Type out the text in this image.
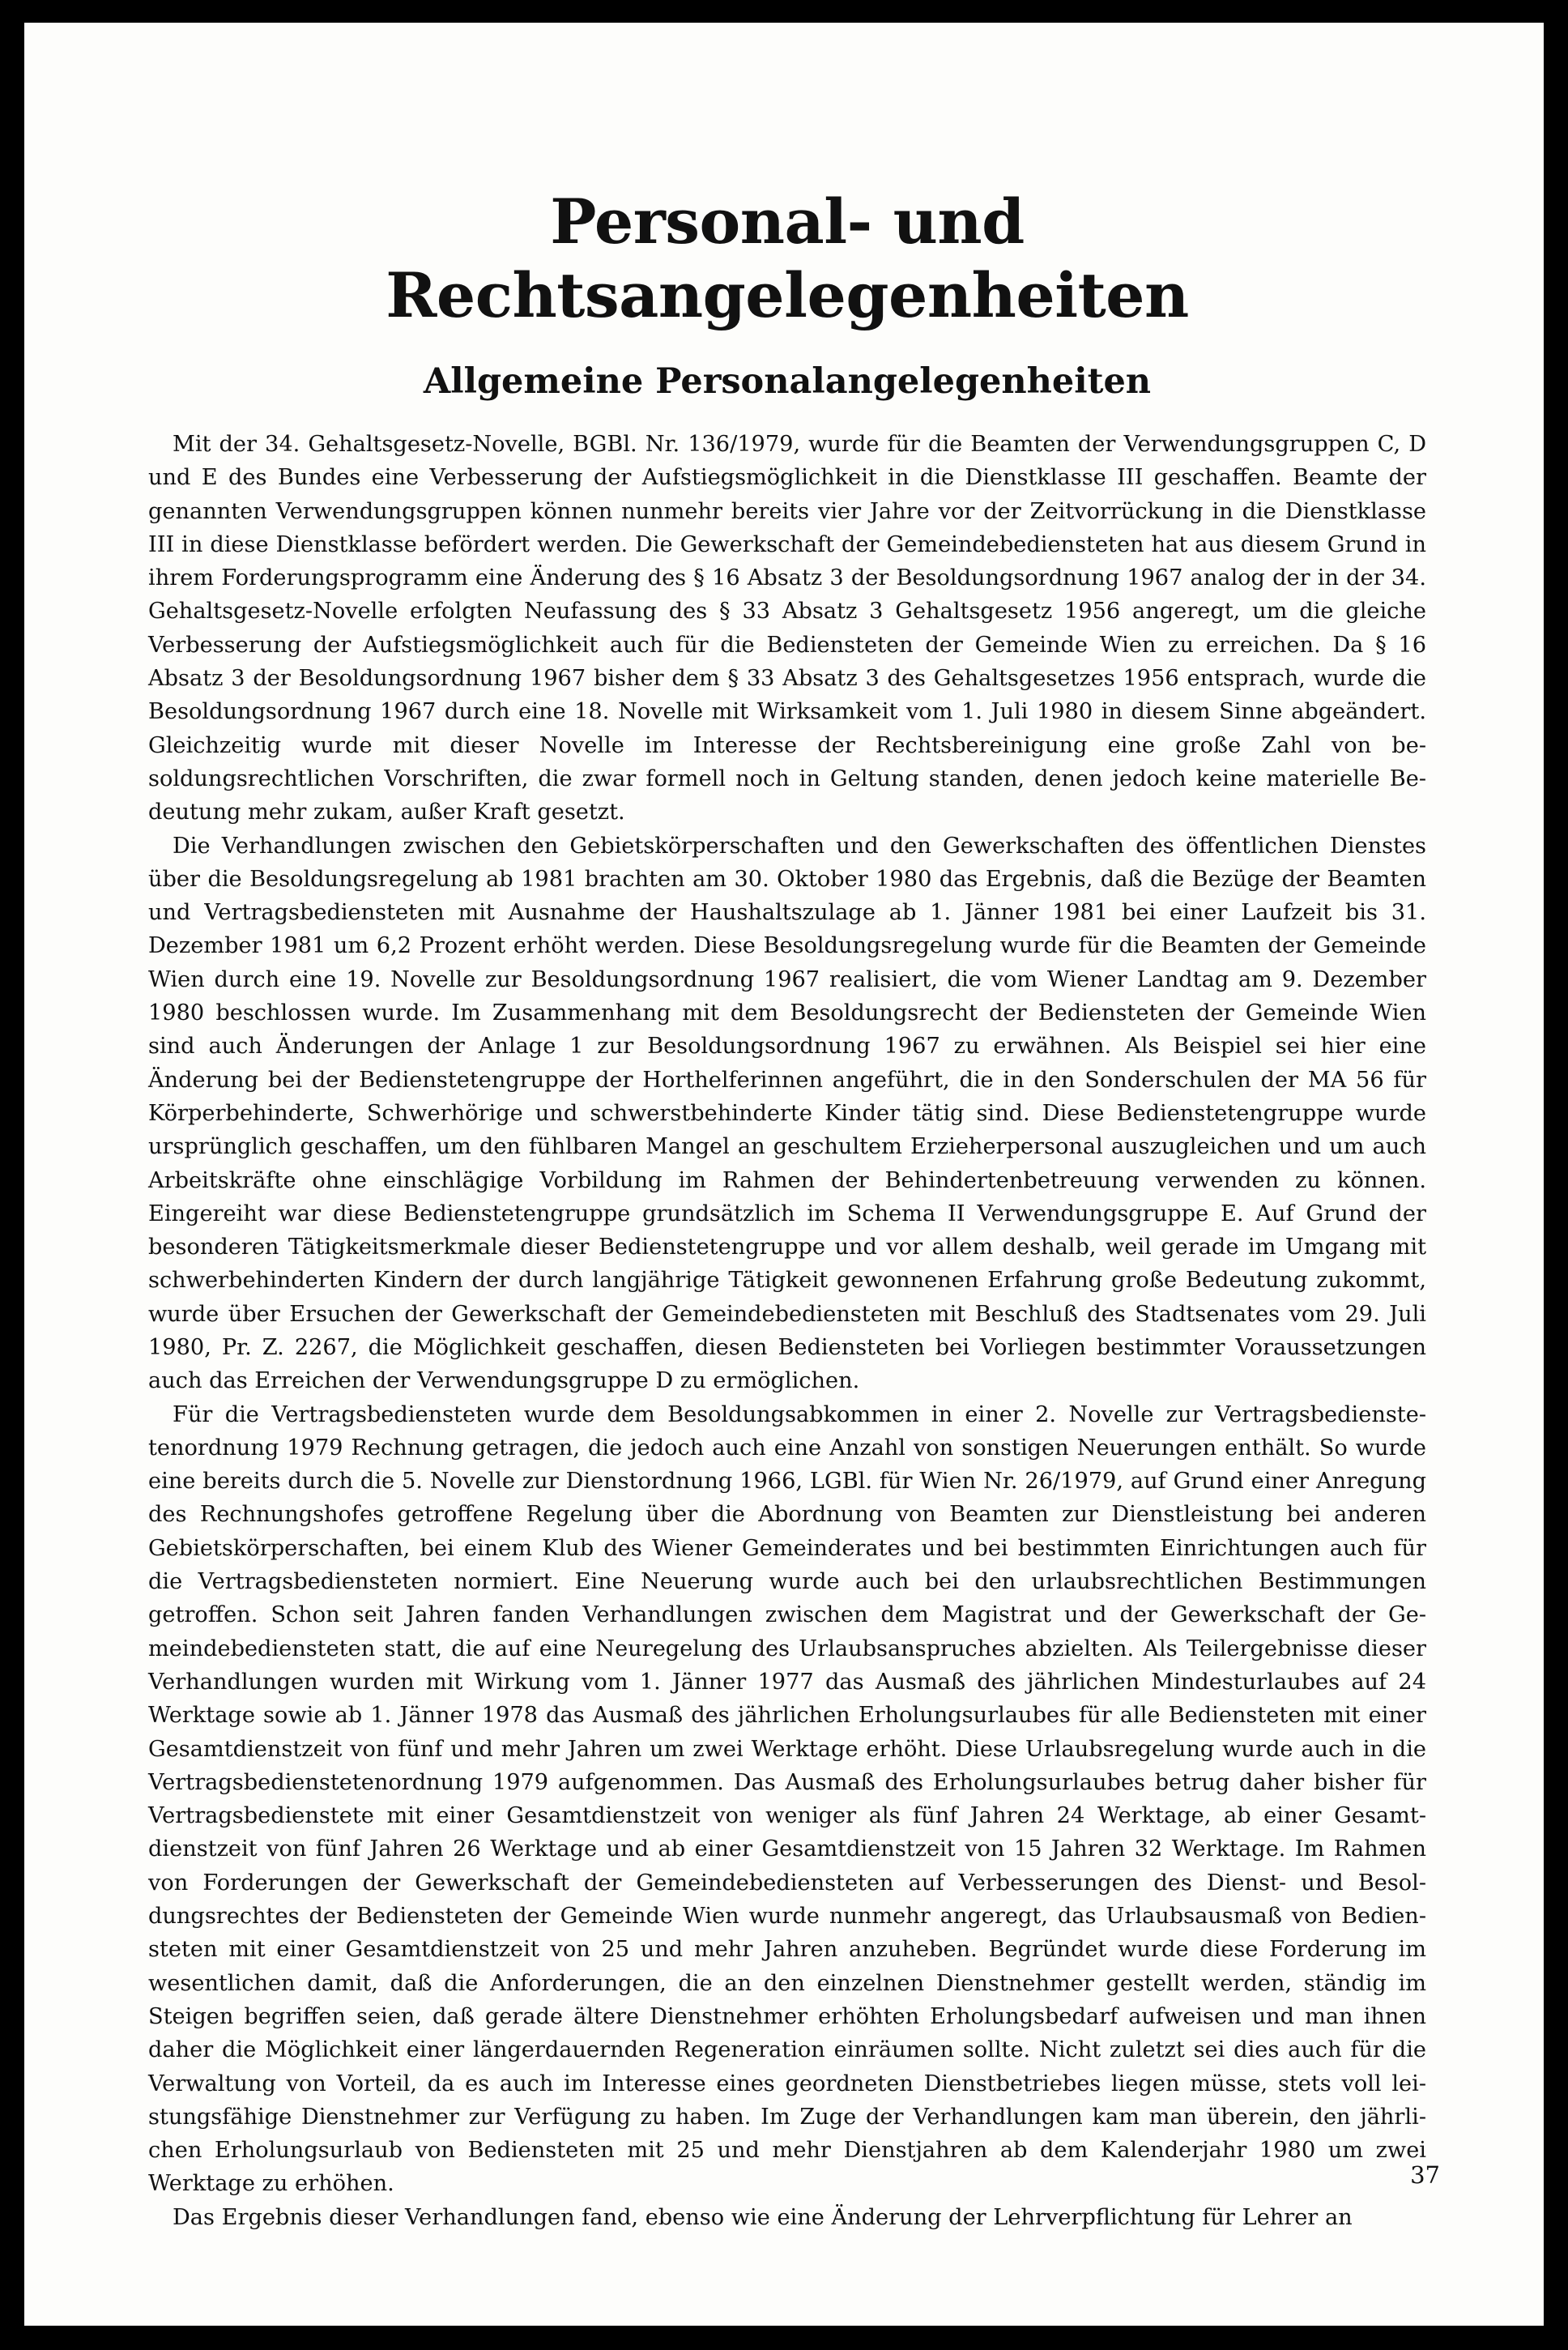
Personal- und Rechtsangelegenheiten
Allgemeine Personalangelegenheiten

Mit der 34. Gehaltsgesetz-Novelle, BGBl. Nr. 136/1979, wurde für die Beamten der Verwendungsgruppen C, D und E des Bundes eine Verbesserung der Aufstiegsmöglichkeit in die Dienstklasse III geschaffen. Beamte der genannten Verwendungsgruppen können nunmehr bereits vier Jahre vor der Zeitvorrückung in die Dienstklasse III in diese Dienstklasse befördert werden. Die Gewerkschaft der Gemeindebediensteten hat aus diesem Grund in ihrem Forderungsprogramm eine Änderung des § 16 Absatz 3 der Besoldungsordnung 1967 analog der in der 34. Gehaltsgesetz-Novelle erfolgten Neufassung des § 33 Absatz 3 Gehaltsgesetz 1956 angeregt, um die gleiche Verbesserung der Aufstiegsmöglichkeit auch für die Bediensteten der Gemeinde Wien zu erreichen. Da § 16 Absatz 3 der Besoldungsordnung 1967 bisher dem § 33 Absatz 3 des Gehaltsgesetzes 1956 entsprach, wurde die Besoldungsordnung 1967 durch eine 18. Novelle mit Wirksamkeit vom 1. Juli 1980 in diesem Sinne abgeändert. Gleichzeitig wurde mit dieser Novelle im Interesse der Rechtsbereinigung eine große Zahl von besoldungsrechtlichen Vorschriften, die zwar formell noch in Geltung standen, denen jedoch keine materielle Bedeutung mehr zukam, außer Kraft gesetzt.

Die Verhandlungen zwischen den Gebietskörperschaften und den Gewerkschaften des öffentlichen Dienstes über die Besoldungsregelung ab 1981 brachten am 30. Oktober 1980 das Ergebnis, daß die Bezüge der Beamten und Vertragsbediensteten mit Ausnahme der Haushaltszulage ab 1. Jänner 1981 bei einer Laufzeit bis 31. Dezember 1981 um 6,2 Prozent erhöht werden. Diese Besoldungsregelung wurde für die Beamten der Gemeinde Wien durch eine 19. Novelle zur Besoldungsordnung 1967 realisiert, die vom Wiener Landtag am 9. Dezember 1980 beschlossen wurde. Im Zusammenhang mit dem Besoldungsrecht der Bediensteten der Gemeinde Wien sind auch Änderungen der Anlage 1 zur Besoldungsordnung 1967 zu erwähnen. Als Beispiel sei hier eine Änderung bei der Bedienstetengruppe der Horthelferinnen angeführt, die in den Sonderschulen der MA 56 für Körperbehinderte, Schwerhörige und schwerstbehinderte Kinder tätig sind. Diese Bedienstetengruppe wurde ursprünglich geschaffen, um den fühlbaren Mangel an geschultem Erzieherpersonal auszugleichen und um auch Arbeitskräfte ohne einschlägige Vorbildung im Rahmen der Behindertenbetreuung verwenden zu können. Eingereiht war diese Bedienstetengruppe grundsätzlich im Schema II Verwendungsgruppe E. Auf Grund der besonderen Tätigkeitsmerkmale dieser Bedienstetengruppe und vor allem deshalb, weil gerade im Umgang mit schwerbehinderten Kindern der durch langjährige Tätigkeit gewonnenen Erfahrung große Bedeutung zukommt, wurde über Ersuchen der Gewerkschaft der Gemeindebediensteten mit Beschluß des Stadtsenates vom 29. Juli 1980, Pr. Z. 2267, die Möglichkeit geschaffen, diesen Bediensteten bei Vorliegen bestimmter Voraussetzungen auch das Erreichen der Verwendungsgruppe D zu ermöglichen.

Für die Vertragsbediensteten wurde dem Besoldungsabkommen in einer 2. Novelle zur Vertragsbedienstetenordnung 1979 Rechnung getragen, die jedoch auch eine Anzahl von sonstigen Neuerungen enthält. So wurde eine bereits durch die 5. Novelle zur Dienstordnung 1966, LGBl. für Wien Nr. 26/1979, auf Grund einer Anregung des Rechnungshofes getroffene Regelung über die Abordnung von Beamten zur Dienstleistung bei anderen Gebietskörperschaften, bei einem Klub des Wiener Gemeinderates und bei bestimmten Einrichtungen auch für die Vertragsbediensteten normiert. Eine Neuerung wurde auch bei den urlaubsrechtlichen Bestimmungen getroffen. Schon seit Jahren fanden Verhandlungen zwischen dem Magistrat und der Gewerkschaft der Gemeindebediensteten statt, die auf eine Neuregelung des Urlaubsanspruches abzielten. Als Teilergebnisse dieser Verhandlungen wurden mit Wirkung vom 1. Jänner 1977 das Ausmaß des jährlichen Mindesturlaubes auf 24 Werktage sowie ab 1. Jänner 1978 das Ausmaß des jährlichen Erholungsurlaubes für alle Bediensteten mit einer Gesamtdienstzeit von fünf und mehr Jahren um zwei Werktage erhöht. Diese Urlaubsregelung wurde auch in die Vertragsbedienstetenordnung 1979 aufgenommen. Das Ausmaß des Erholungsurlaubes betrug daher bisher für Vertragsbedienstete mit einer Gesamtdienstzeit von weniger als fünf Jahren 24 Werktage, ab einer Gesamtdienstzeit von fünf Jahren 26 Werktage und ab einer Gesamtdienstzeit von 15 Jahren 32 Werktage. Im Rahmen von Forderungen der Gewerkschaft der Gemeindebediensteten auf Verbesserungen des Dienst- und Besoldungsrechtes der Bediensteten der Gemeinde Wien wurde nunmehr angeregt, das Urlaubsausmaß von Bediensteten mit einer Gesamtdienstzeit von 25 und mehr Jahren anzuheben. Begründet wurde diese Forderung im wesentlichen damit, daß die Anforderungen, die an den einzelnen Dienstnehmer gestellt werden, ständig im Steigen begriffen seien, daß gerade ältere Dienstnehmer erhöhten Erholungsbedarf aufweisen und man ihnen daher die Möglichkeit einer längerdauernden Regeneration einräumen sollte. Nicht zuletzt sei dies auch für die Verwaltung von Vorteil, da es auch im Interesse eines geordneten Dienstbetriebes liegen müsse, stets voll leistungsfähige Dienstnehmer zur Verfügung zu haben. Im Zuge der Verhandlungen kam man überein, den jährlichen Erholungsurlaub von Bediensteten mit 25 und mehr Dienstjahren ab dem Kalenderjahr 1980 um zwei Werktage zu erhöhen.

Das Ergebnis dieser Verhandlungen fand, ebenso wie eine Änderung der Lehrverpflichtung für Lehrer an

37
